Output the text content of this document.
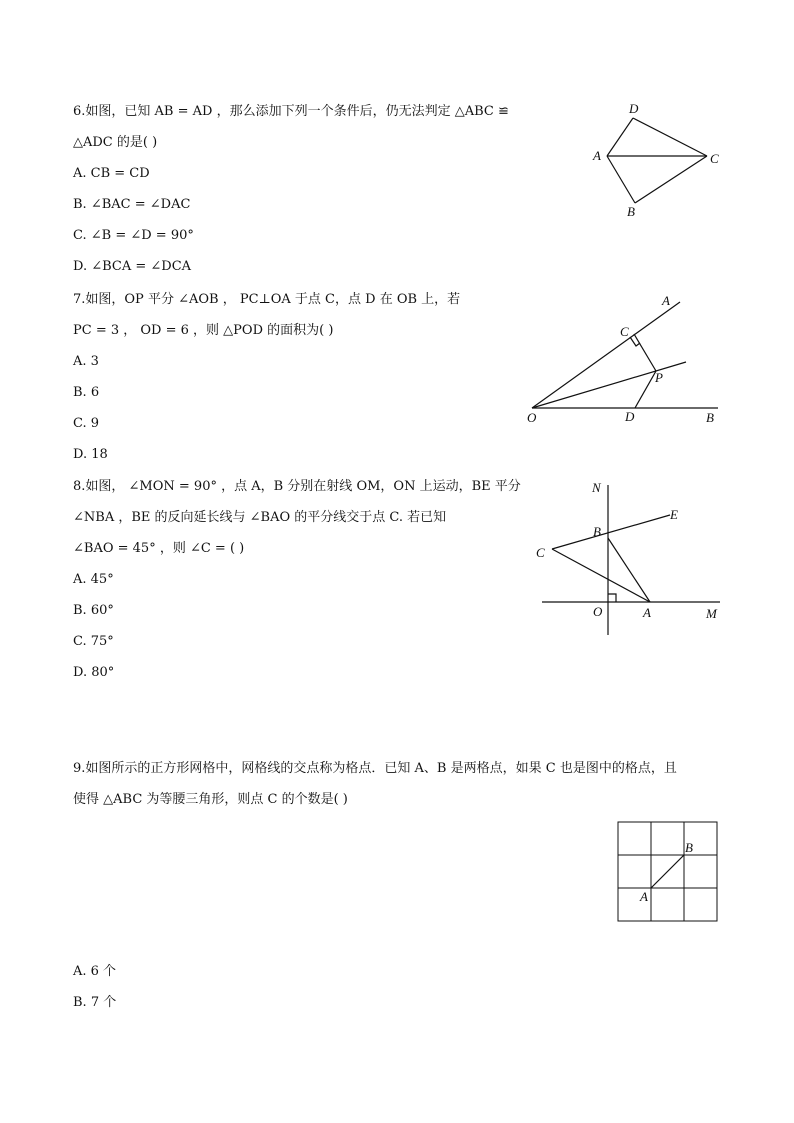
6.如图，已知 AB = AD ，那么添加下列一个条件后，仍无法判定 △ABC ≌
△ADC 的是( )
A. CB = CD
B. ∠BAC = ∠DAC
C. ∠B = ∠D = 90°
D. ∠BCA = ∠DCA
D
A	C
B
7.如图，OP 平分 ∠AOB ， PC⊥OA 于点 C，点 D 在 OB 上，若
PC = 3 ， OD = 6 ，则 △POD 的面积为( )
A. 3
B. 6
C. 9
D. 18
A
C
P
O	D	B
8.如图， ∠MON = 90° ，点 A，B 分别在射线 OM，ON 上运动，BE 平分
∠NBA ，BE 的反向延长线与 ∠BAO 的平分线交于点 C. 若已知
∠BAO = 45° ，则 ∠C = ( )
A. 45°
B. 60°
C. 75°
D. 80°
N
E
B
C
O	A	M
9.如图所示的正方形网格中，网格线的交点称为格点．已知 A、B 是两格点，如果 C 也是图中的格点，且
使得 △ABC 为等腰三角形，则点 C 的个数是( )
A
B
A. 6 个
B. 7 个
